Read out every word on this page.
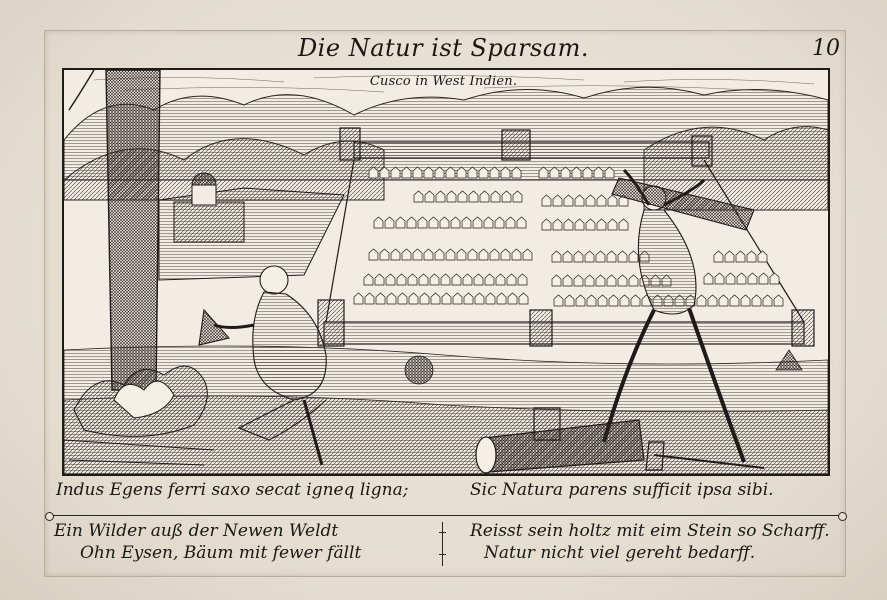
Die Natur ist Sparsam.	10
Cusco in West Indien.
Indus Egens ferri saxo secat igneq ligna;	Sic Natura parens sufficit ipsa sibi.
Ein Wilder auß der Newen Weldt
Ohn Eysen, Bäum mit fewer fällt
Reisst sein holtz mit eim Stein so Scharff.
Natur nicht viel gereht bedarff.
